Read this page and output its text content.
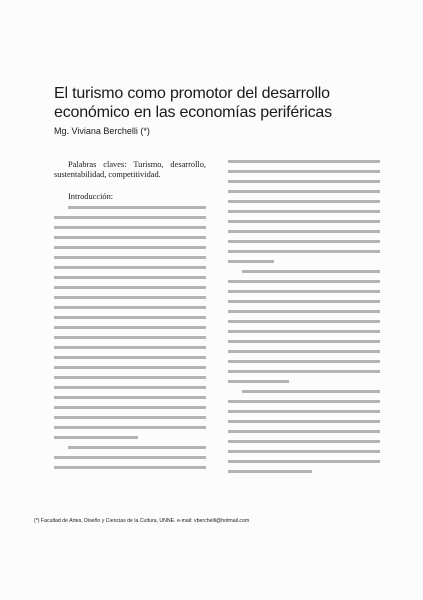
El turismo como promotor del desarrollo económico en las economías periféricas
Mg. Viviana Berchelli (*)

Palabras claves: Turismo, desarrollo, sustentabilidad, competitividad.

Introducción:
(*) Facultad de Artes, Diseño y Ciencias de la Cultura, UNNE. e-mail: vberchelli@hotmail.com
